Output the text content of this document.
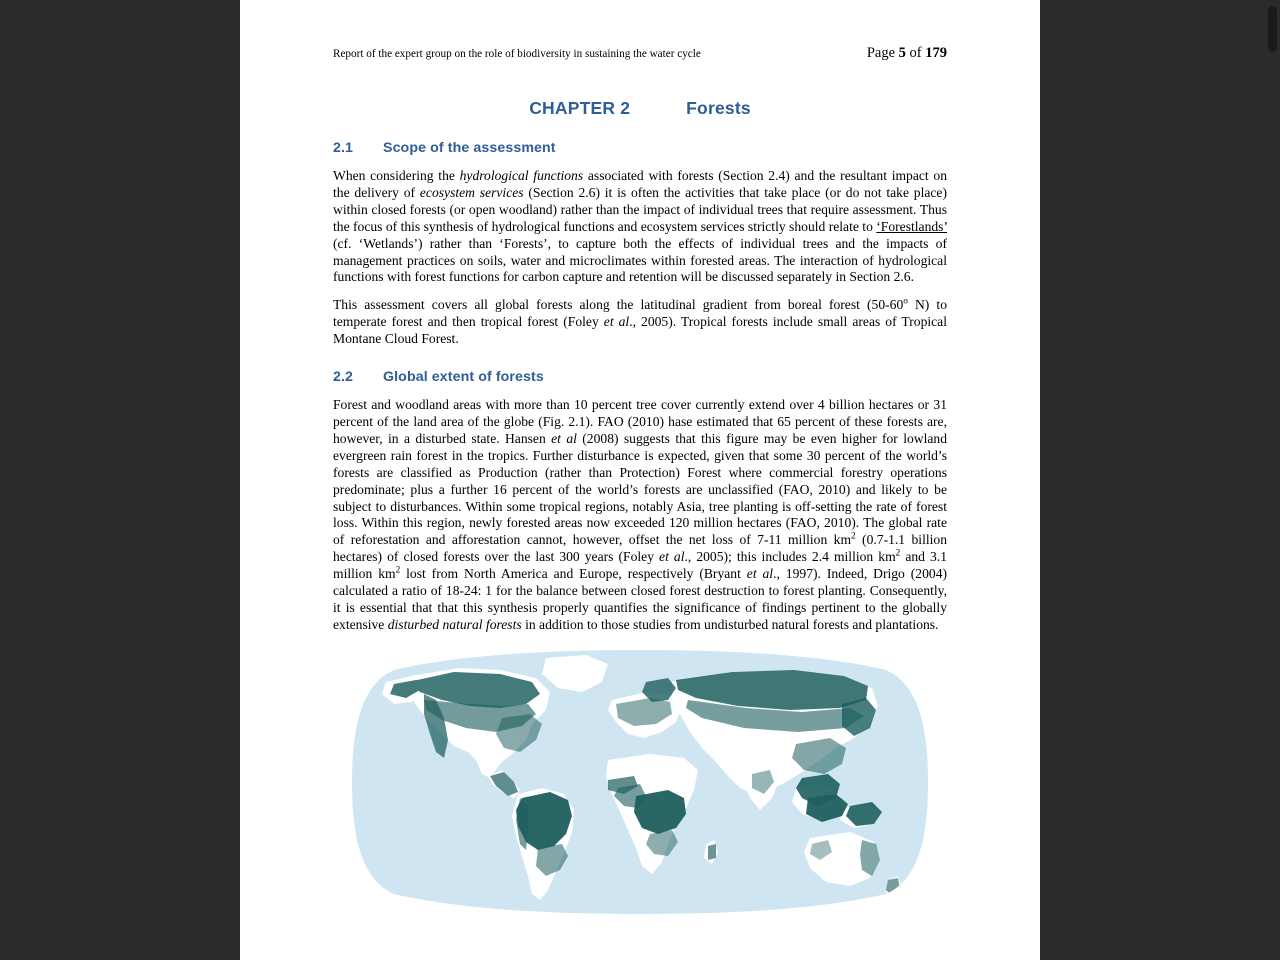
Report of the expert group on the role of biodiversity in sustaining the water cycle	Page 5 of 179
CHAPTER 2	Forests
2.1 Scope of the assessment

When considering the hydrological functions associated with forests (Section 2.4) and the resultant impact on the delivery of ecosystem services (Section 2.6) it is often the activities that take place (or do not take place) within closed forests (or open woodland) rather than the impact of individual trees that require assessment. Thus the focus of this synthesis of hydrological functions and ecosystem services strictly should relate to ‘Forestlands’ (cf. ‘Wetlands’) rather than ‘Forests’, to capture both the effects of individual trees and the impacts of management practices on soils, water and microclimates within forested areas. The interaction of hydrological functions with forest functions for carbon capture and retention will be discussed separately in Section 2.6.

This assessment covers all global forests along the latitudinal gradient from boreal forest (50-60$^o$ N) to temperate forest and then tropical forest (Foley et al., 2005). Tropical forests include small areas of Tropical Montane Cloud Forest.

2.2 Global extent of forests

Forest and woodland areas with more than 10 percent tree cover currently extend over 4 billion hectares or 31 percent of the land area of the globe (Fig. 2.1). FAO (2010) hase estimated that 65 percent of these forests are, however, in a disturbed state. Hansen et al (2008) suggests that this figure may be even higher for lowland evergreen rain forest in the tropics. Further disturbance is expected, given that some 30 percent of the world’s forests are classified as Production (rather than Protection) Forest where commercial forestry operations predominate; plus a further 16 percent of the world’s forests are unclassified (FAO, 2010) and likely to be subject to disturbances. Within some tropical regions, notably Asia, tree planting is off-setting the rate of forest loss. Within this region, newly forested areas now exceeded 120 million hectares (FAO, 2010). The global rate of reforestation and afforestation cannot, however, offset the net loss of 7-11 million $km^2$ (0.7-1.1 billion hectares) of closed forests over the last 300 years (Foley et al., 2005); this includes 2.4 million $km^2$ and 3.1 million $km^2$ lost from North America and Europe, respectively (Bryant et al., 1997). Indeed, Drigo (2004) calculated a ratio of 18-24: 1 for the balance between closed forest destruction to forest planting. Consequently, it is essential that that this synthesis properly quantifies the significance of findings pertinent to the globally extensive disturbed natural forests in addition to those studies from undisturbed natural forests and plantations.
